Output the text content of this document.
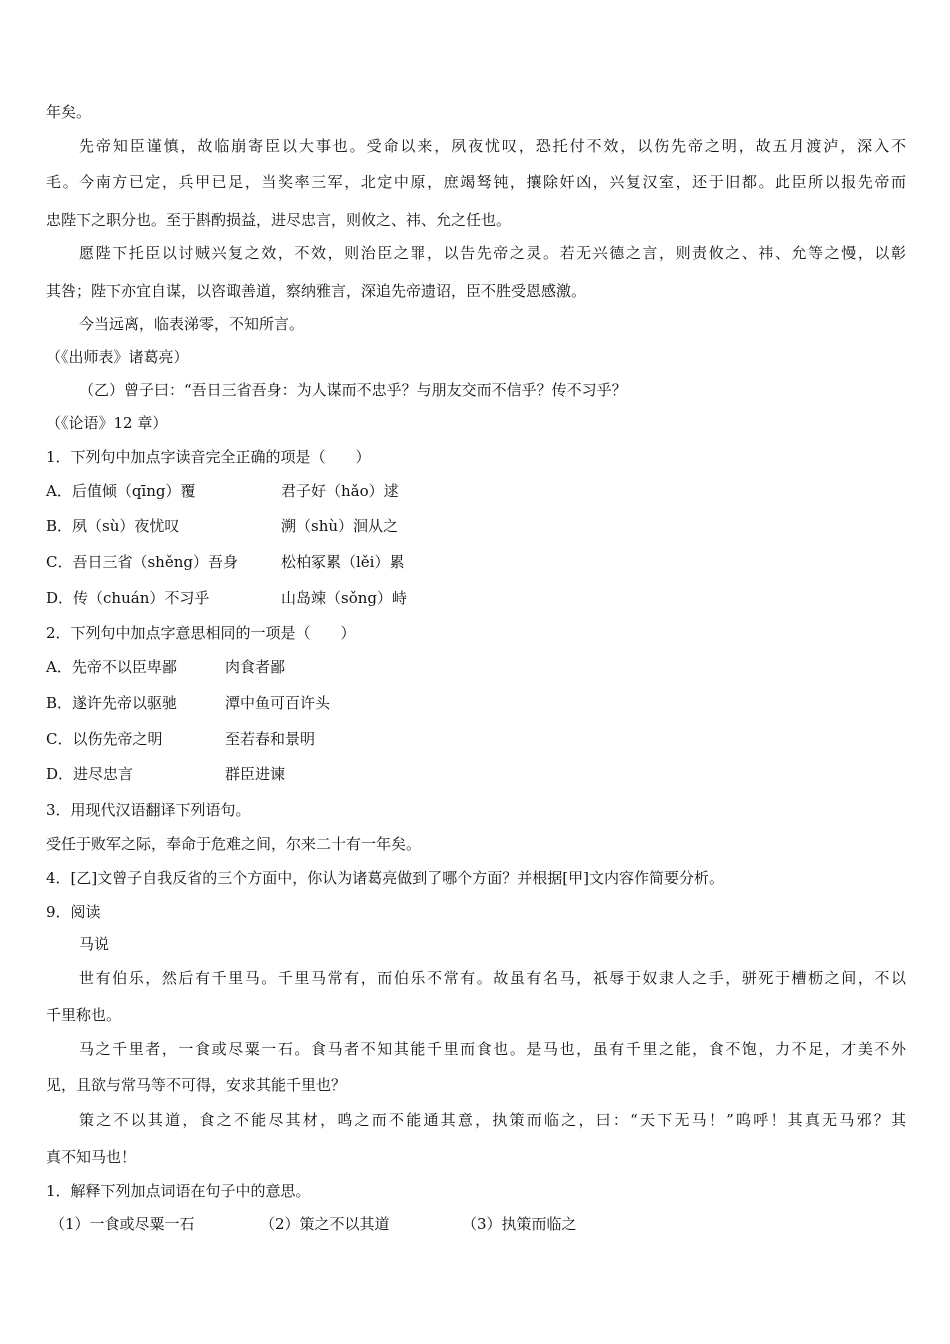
年矣。
先帝知臣谨慎，故临崩寄臣以大事也。受命以来，夙夜忧叹，恐托付不效，以伤先帝之明，故五月渡泸，深入不
毛。今南方已定，兵甲已足，当奖率三军，北定中原，庶竭驽钝，攘除奸凶，兴复汉室，还于旧都。此臣所以报先帝而
忠陛下之职分也。至于斟酌损益，进尽忠言，则攸之、祎、允之任也。
愿陛下托臣以讨贼兴复之效，不效，则治臣之罪，以告先帝之灵。若无兴德之言，则责攸之、祎、允等之慢，以彰
其咎；陛下亦宜自谋，以咨诹善道，察纳雅言，深追先帝遗诏，臣不胜受恩感激。
今当远离，临表涕零，不知所言。
（《出师表》诸葛亮）
（乙）曾子曰：“吾日三省吾身：为人谋而不忠乎？与朋友交而不信乎？传不习乎？
（《论语》12 章）
1．下列句中加点字读音完全正确的项是（　　）
A．后值倾（qīng）覆	君子好（hǎo）逑
B．夙（sù）夜忧叹	溯（shù）洄从之
C．吾日三省（shěng）吾身	松柏冢累（lěi）累
D．传（chuán）不习乎	山岛竦（sǒng）峙
2．下列句中加点字意思相同的一项是（　　）
A．先帝不以臣卑鄙	肉食者鄙
B．遂许先帝以驱驰	潭中鱼可百许头
C．以伤先帝之明	至若春和景明
D．进尽忠言	群臣进谏
3．用现代汉语翻译下列语句。
受任于败军之际，奉命于危难之间，尔来二十有一年矣。
4．[乙]文曾子自我反省的三个方面中，你认为诸葛亮做到了哪个方面？并根据[甲]文内容作简要分析。
9．阅读
马说
世有伯乐，然后有千里马。千里马常有，而伯乐不常有。故虽有名马，祇辱于奴隶人之手，骈死于槽枥之间，不以
千里称也。
马之千里者，一食或尽粟一石。食马者不知其能千里而食也。是马也，虽有千里之能，食不饱，力不足，才美不外
见，且欲与常马等不可得，安求其能千里也？
策之不以其道，食之不能尽其材，鸣之而不能通其意，执策而临之，曰：“天下无马！”呜呼！其真无马邪？其
真不知马也！
1．解释下列加点词语在句子中的意思。
（1）一食或尽粟一石	（2）策之不以其道	（3）执策而临之
